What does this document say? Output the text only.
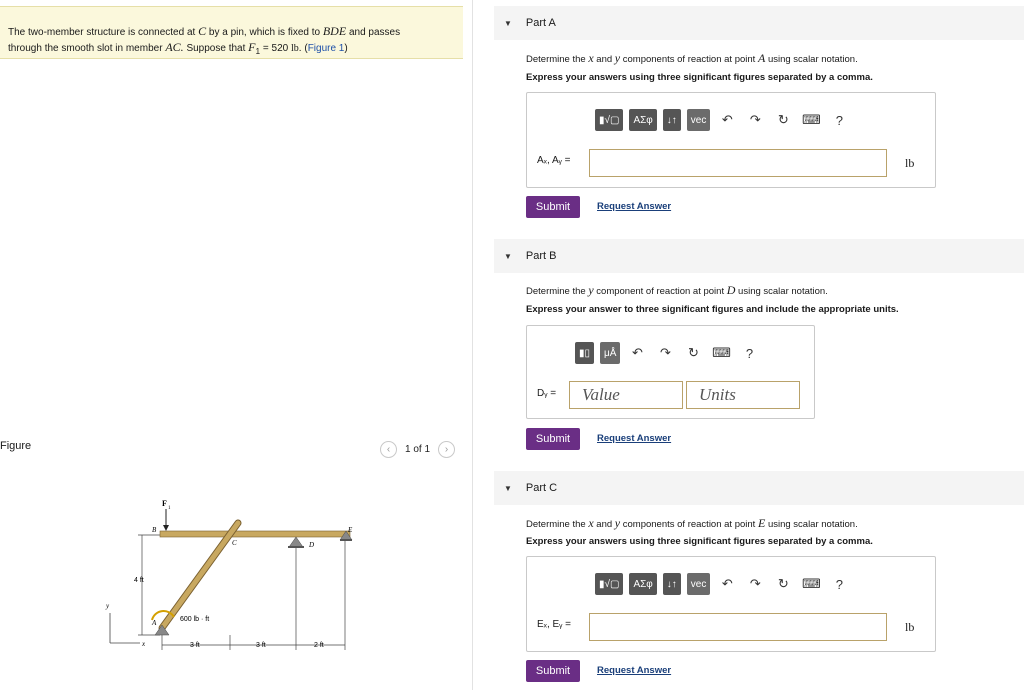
The two-member structure is connected at C by a pin, which is fixed to BDE and passes
through the smooth slot in member AC. Suppose that $F_1 = 520$ lb. (Figure 1)
Figure	‹	1 of 1	›
4 ft
3 ft	3 ft	2 ft
y
x
F
1
600 lb · ft
B
C	D
E
A
▼ Part A
Determine the x and y components of reaction at point A using scalar notation.
Express your answers using three significant figures separated by a comma.
▮√▢	ΑΣφ	↓↑	vec	↶	↷	↻	⌨	?
Aₓ, Aᵧ =	lb
Submit	Request Answer
▼ Part B
Determine the y component of reaction at point D using scalar notation.
Express your answer to three significant figures and include the appropriate units.
▮▯	μÅ	↶	↷	↻	⌨	?
Dᵧ =	Value	Units
Submit	Request Answer
▼ Part C
Determine the x and y components of reaction at point E using scalar notation.
Express your answers using three significant figures separated by a comma.
▮√▢	ΑΣφ	↓↑	vec	↶	↷	↻	⌨	?
Eₓ, Eᵧ =	lb
Submit	Request Answer
